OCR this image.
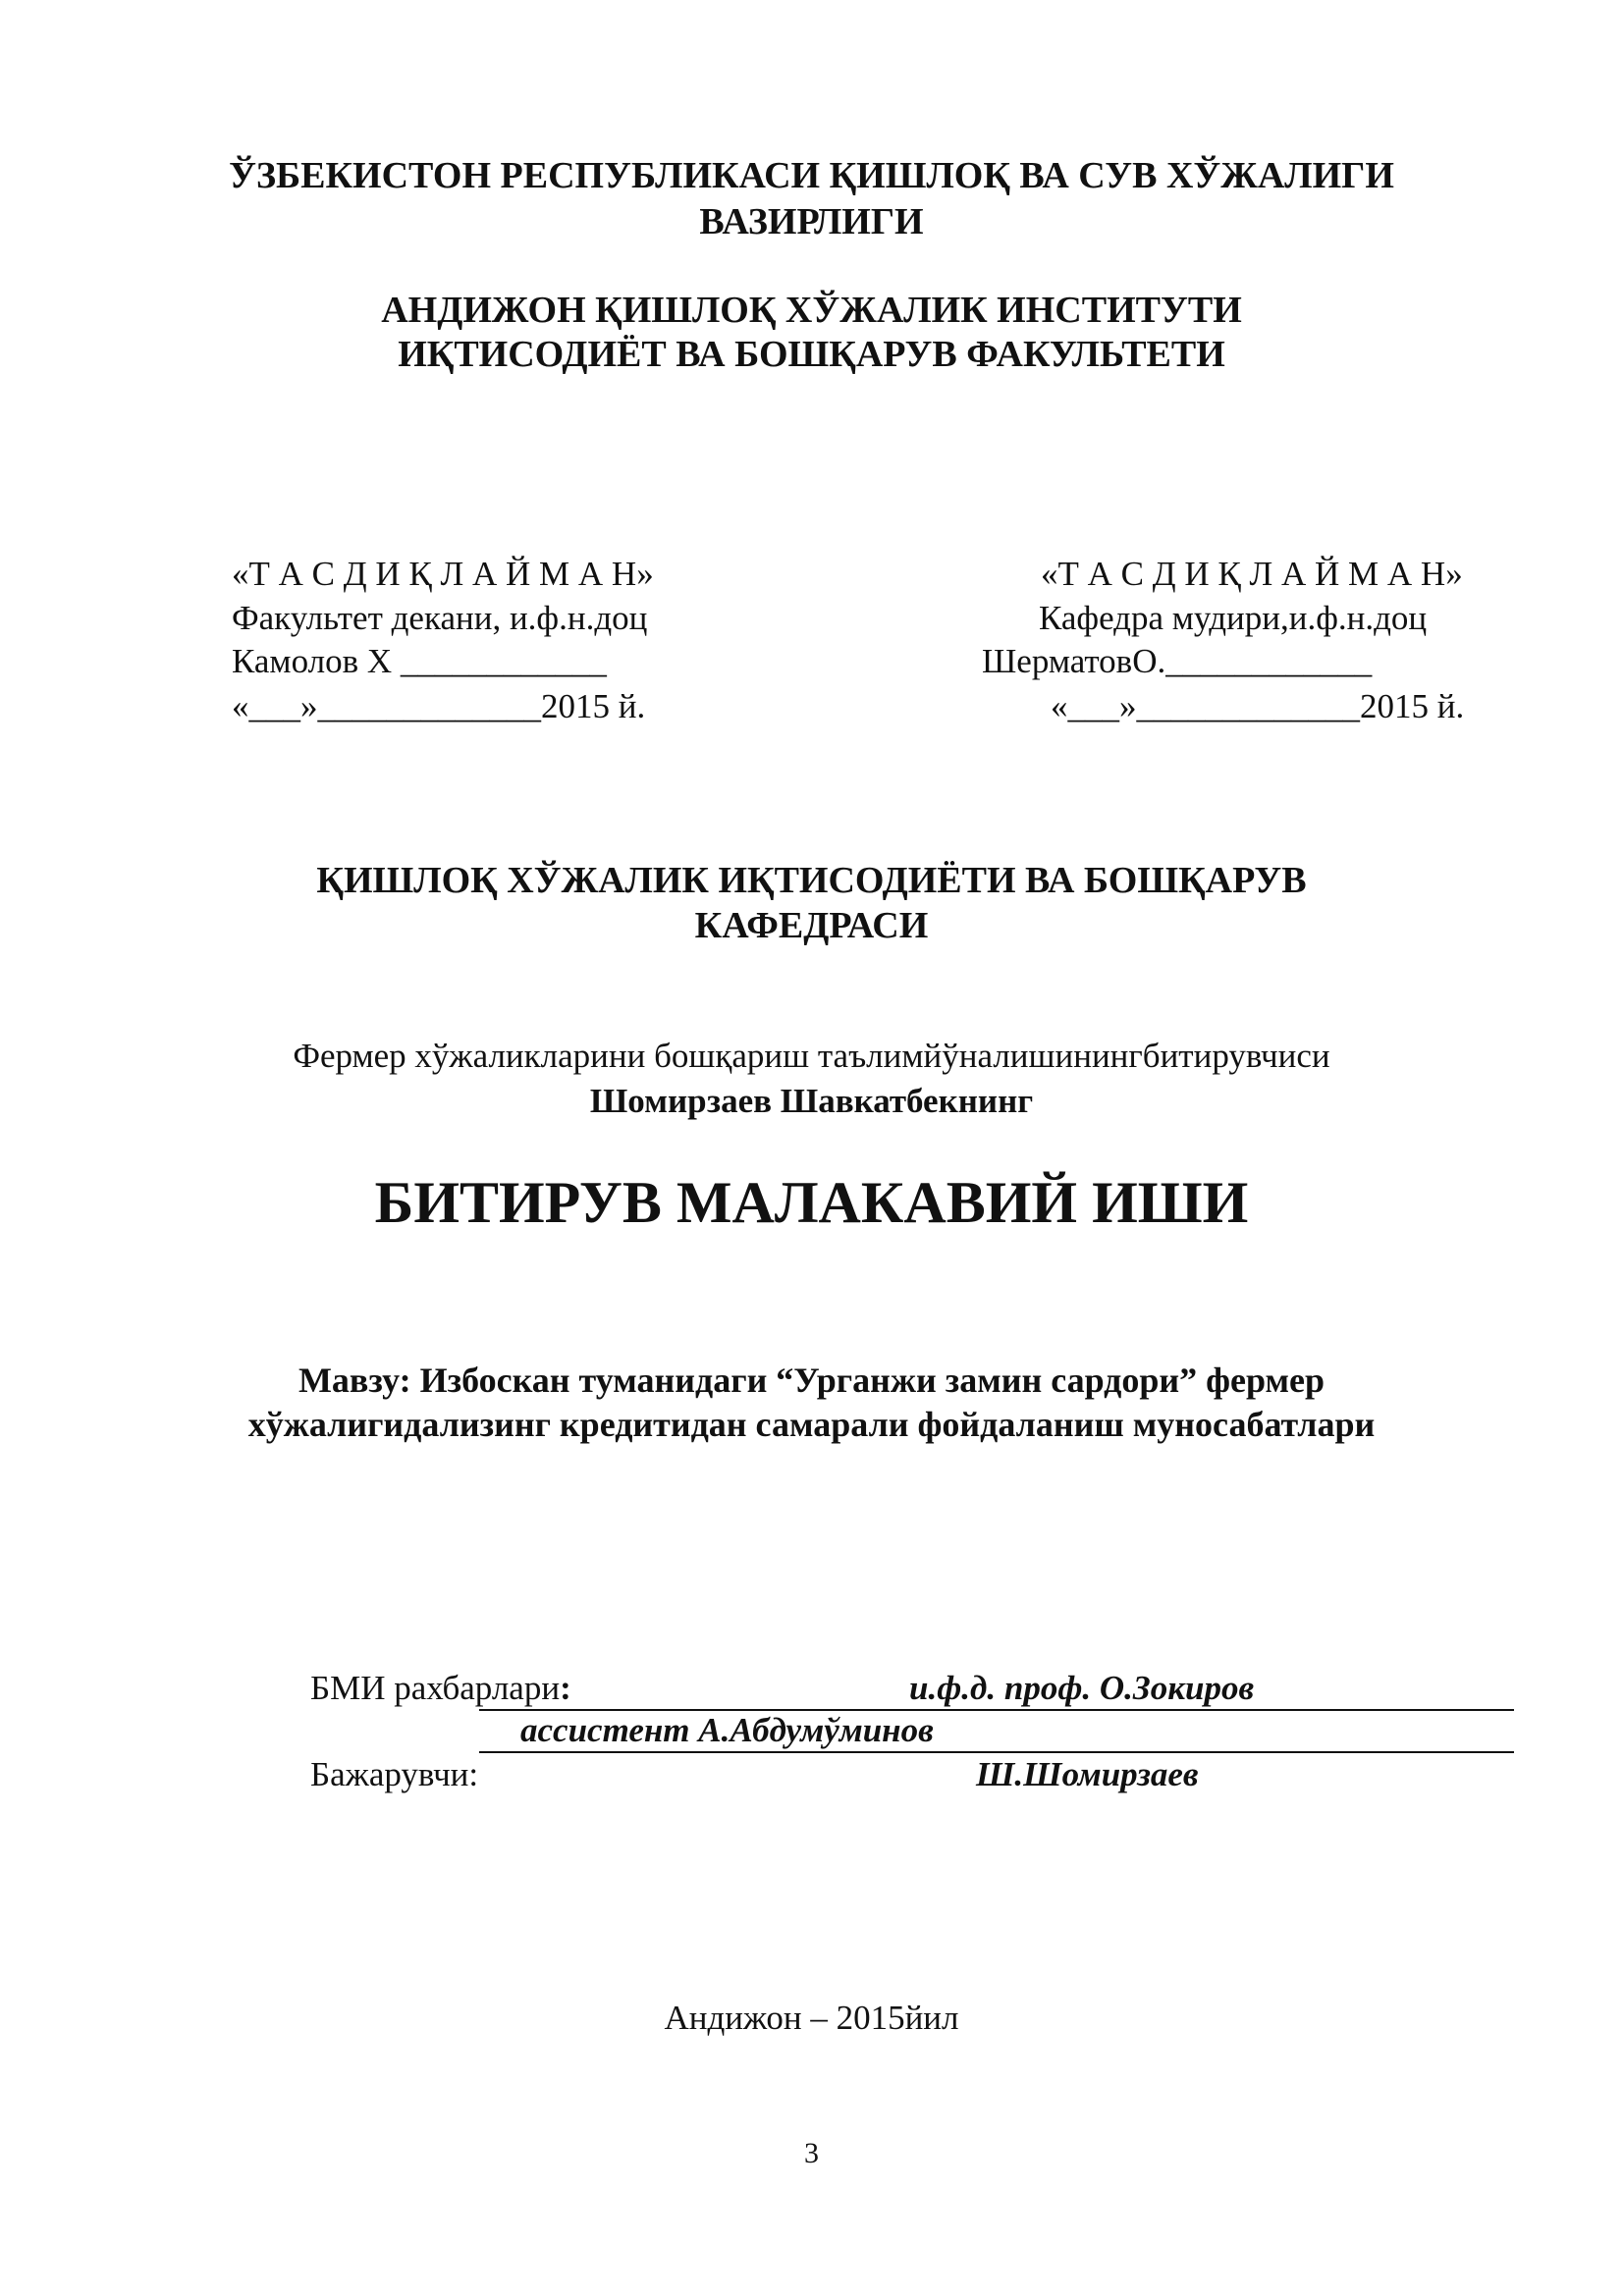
ЎЗБЕКИСТОН РЕСПУБЛИКАСИ ҚИШЛОҚ ВА СУВ ХЎЖАЛИГИ
ВАЗИРЛИГИ
АНДИЖОН ҚИШЛОҚ ХЎЖАЛИК ИНСТИТУТИ
ИҚТИСОДИЁТ ВА БОШҚАРУВ ФАКУЛЬТЕТИ
«Т А С Д И Қ Л А Й М А Н»
Факультет декани, и.ф.н.доц
Камолов Х ____________
«___»_____________2015 й.
«Т А С Д И Қ Л А Й М А Н»
Кафедра мудири,и.ф.н.доц
ШерматовО.____________
«___»_____________2015 й.
ҚИШЛОҚ ХЎЖАЛИК ИҚТИСОДИЁТИ ВА БОШҚАРУВ
КАФЕДРАСИ
Фермер хўжаликларини бошқариш таълимйўналишинингбитирувчиси
Шомирзаев Шавкатбекнинг
БИТИРУВ МАЛАКАВИЙ ИШИ
Мавзу: Избоскан туманидаги “Урганжи замин сардори” фермер
хўжалигидализинг кредитидан самарали фойдаланиш муносабатлари
БМИ рахбарлари:	и.ф.д. проф. О.Зокиров
ассистент А.Абдумўминов
Бажарувчи:	Ш.Шомирзаев
Андижон – 2015йил
3
